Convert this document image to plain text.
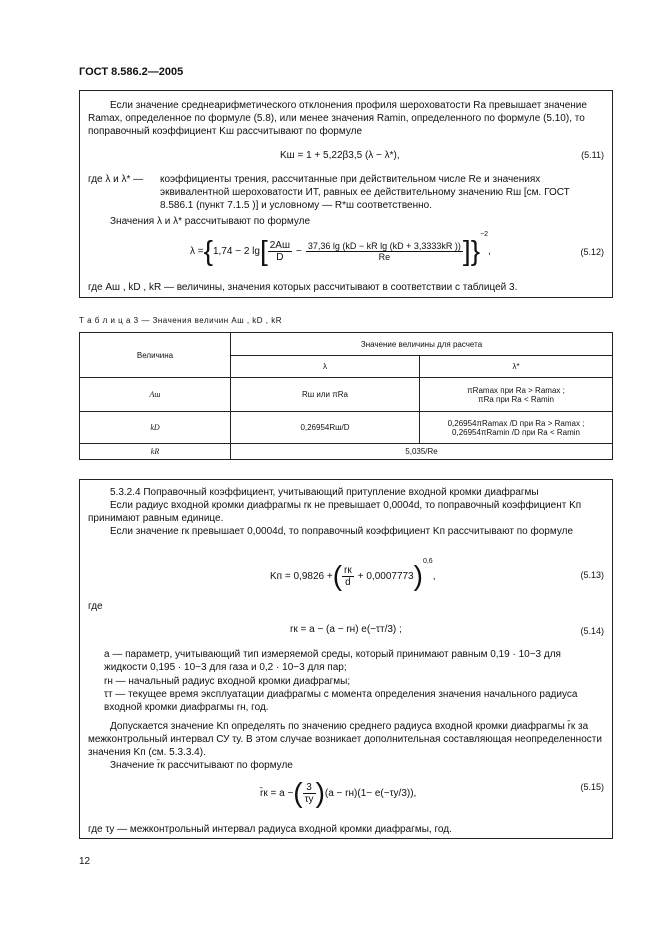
ГОСТ 8.586.2—2005
Если значение среднеарифметического отклонения профиля шероховатости Ra превышает значение Ramax, определенное по формуле (5.8), или менее значения Ramin, определенного по формуле (5.10), то поправочный коэффициент Kш рассчитывают по формуле
Kш = 1 + 5,22β3,5 (λ − λ*),	(5.11)
где λ и λ* —	коэффициенты трения, рассчитанные при действительном числе Re и значениях эквивалентной шероховатости ИТ, равных ее действительному значению Rш [см. ГОСТ 8.586.1 (пункт 7.1.5 )] и условному — R*ш соответственно.
Значения λ и λ* рассчитывают по формуле
λ = { 1,74 − 2 lg [ $\frac{2Aш}{D} - \frac{\text{37,36 lg (kD − kR lg (kD + 3,3333kR ))}}{Re}$ ] }
$^{-2}$
,	(5.12)
где Aш , kD , kR — величины, значения которых рассчитывают в соответствии с таблицей 3.
Т а б л и ц а 3 — Значения величин Aш , kD , kR
Величина	Значение величины для расчета	
	λ	λ*
Aш	Rш или πRa	πRamax при Ra > Ramax ;
πRa при Ra < Ramin

kD	0,26954Rш/D	0,26954πRamax /D при Ra > Ramax ;
0,26954πRamin /D при Ra < Ramin

kR	5,035/Re	
5.3.2.4 Поправочный коэффициент, учитывающий притупление входной кромки диафрагмы
Если радиус входной кромки диафрагмы rк не превышает 0,0004d, то поправочный коэффициент Kп принимают равным единице.
Если значение rк превышает 0,0004d, то поправочный коэффициент Kп рассчитывают по формуле
Kп = 0,9826 + ( $\frac{rк}{d} + 0,0007773$ )$^{0,6}$
,	(5.13)
где
rк = a − (a − rн) e(−τт/3) ;	(5.14)
a — параметр, учитывающий тип измеряемой среды, который принимают равным 0,19 · 10−3 для жидкости 0,195 · 10−3 для газа и 0,2 · 10−3 для пар;
rн — начальный радиус входной кромки диафрагмы;
τт — текущее время эксплуатации диафрагмы с момента определения значения начального радиуса входной кромки диафрагмы rн, год.
Допускается значение Kп определять по значению среднего радиуса входной кромки диафрагмы r̄к за межконтрольный интервал СУ τy. В этом случае возникает дополнительная составляющая неопределенности значения Kп (см. 5.3.3.4).
Значение r̄к рассчитывают по формуле
r̄к = a − ( $\frac{3}{\tau y}$ ) (a − rн)(1− e(−τy/3)),
(5.15)
где τy — межконтрольный интервал радиуса входной кромки диафрагмы, год.
12
